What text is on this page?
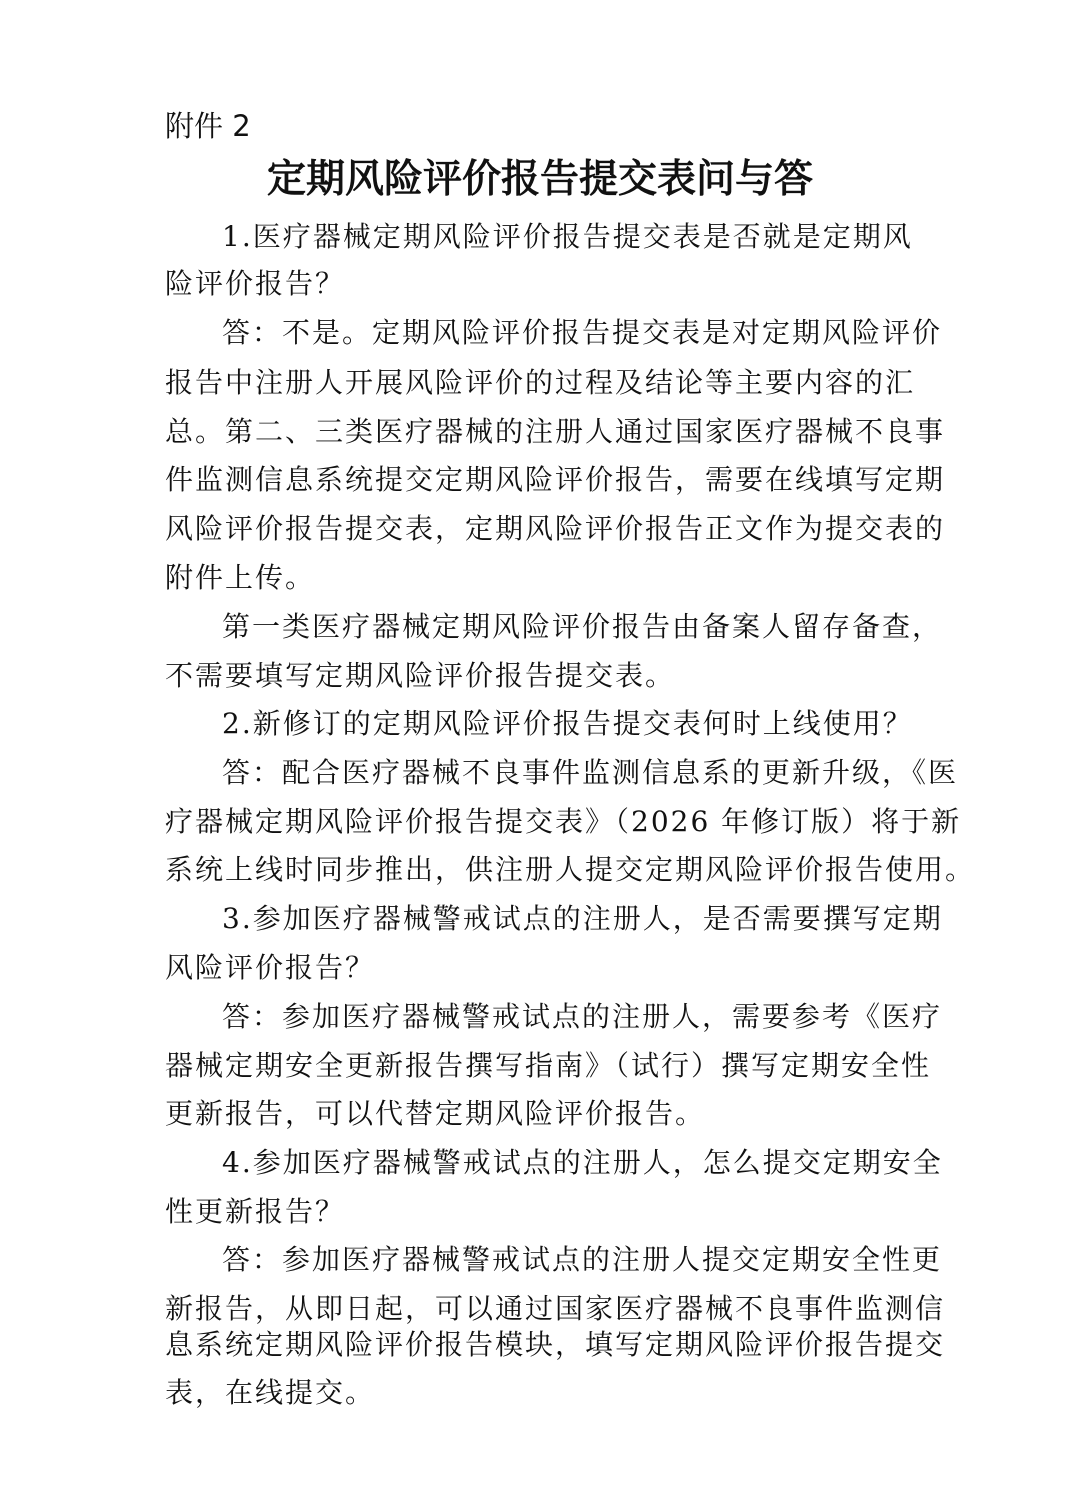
附件 2
定期风险评价报告提交表问与答
1.医疗器械定期风险评价报告提交表是否就是定期风
险评价报告？
答：不是。定期风险评价报告提交表是对定期风险评价
报告中注册人开展风险评价的过程及结论等主要内容的汇
总。第二、三类医疗器械的注册人通过国家医疗器械不良事
件监测信息系统提交定期风险评价报告，需要在线填写定期
风险评价报告提交表，定期风险评价报告正文作为提交表的
附件上传。
第一类医疗器械定期风险评价报告由备案人留存备查，
不需要填写定期风险评价报告提交表。
2.新修订的定期风险评价报告提交表何时上线使用？
答：配合医疗器械不良事件监测信息系的更新升级，《医
疗器械定期风险评价报告提交表》（2026 年修订版）将于新
系统上线时同步推出，供注册人提交定期风险评价报告使用。
3.参加医疗器械警戒试点的注册人，是否需要撰写定期
风险评价报告？
答：参加医疗器械警戒试点的注册人，需要参考《医疗
器械定期安全更新报告撰写指南》（试行）撰写定期安全性
更新报告，可以代替定期风险评价报告。
4.参加医疗器械警戒试点的注册人，怎么提交定期安全
性更新报告？
答：参加医疗器械警戒试点的注册人提交定期安全性更
新报告，从即日起，可以通过国家医疗器械不良事件监测信
息系统定期风险评价报告模块，填写定期风险评价报告提交
表，在线提交。
